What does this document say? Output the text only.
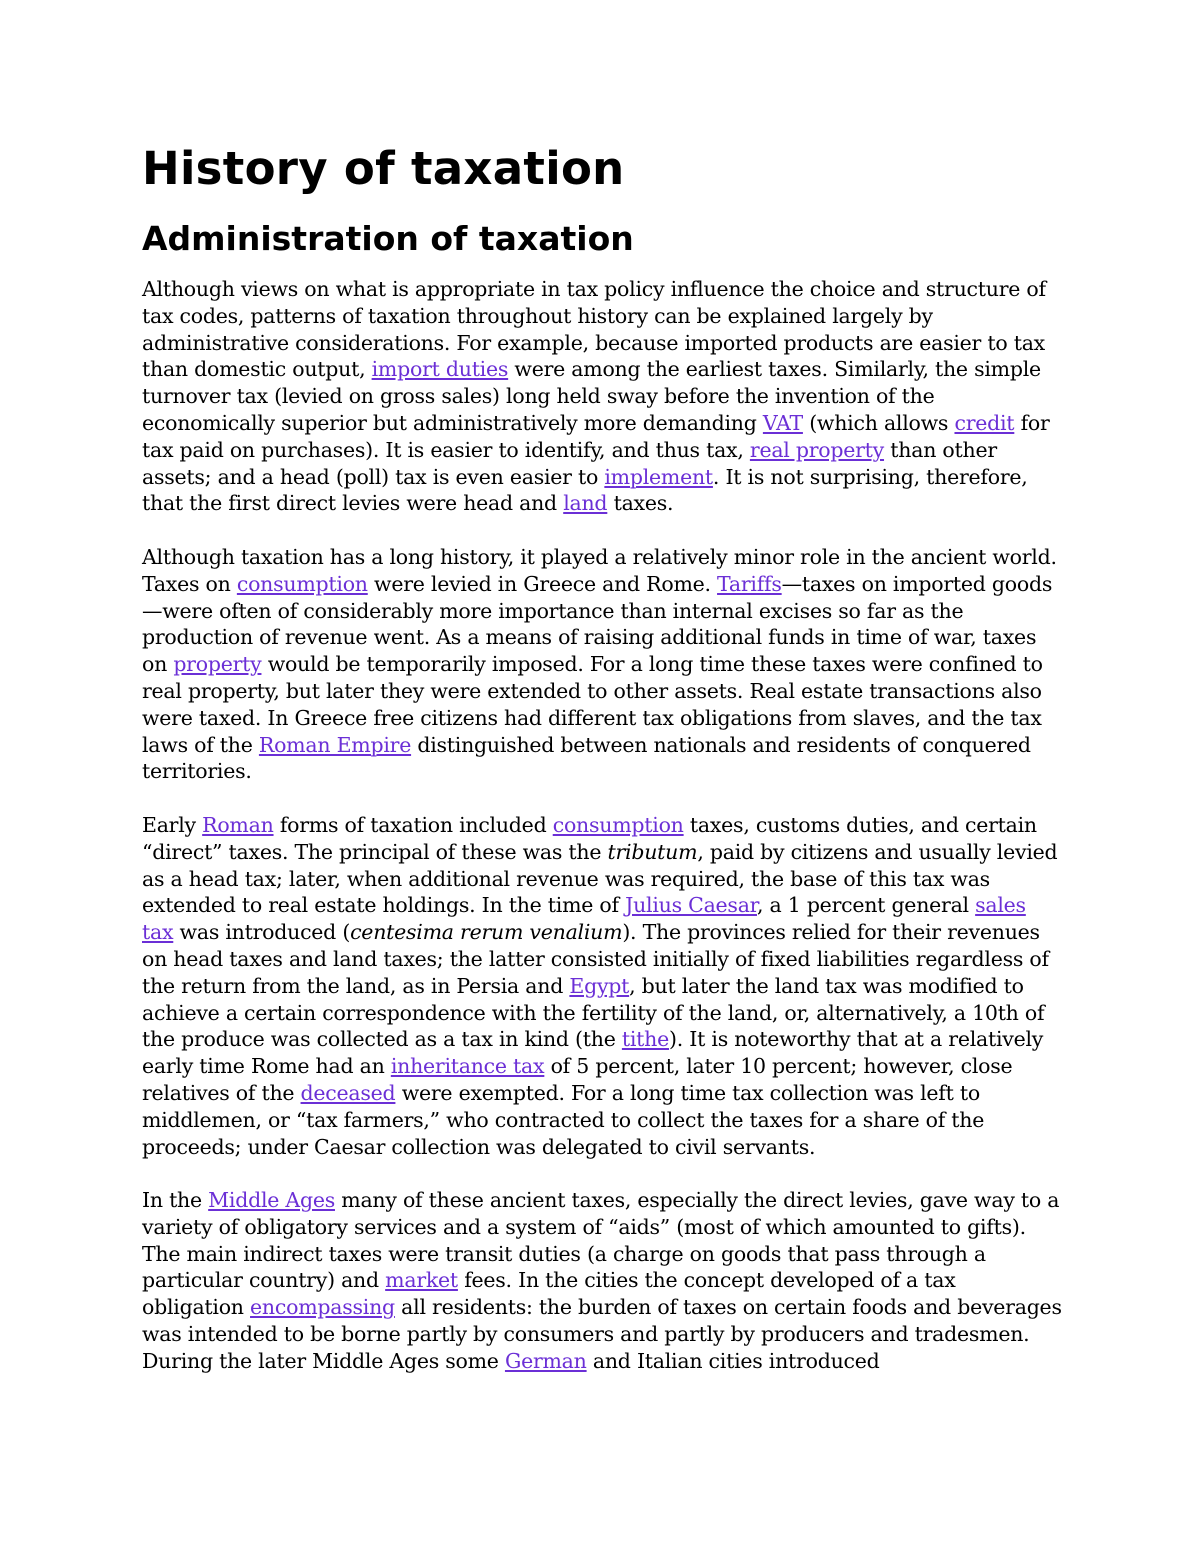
History of taxation
Administration of taxation

Although views on what is appropriate in tax policy influence the choice and structure of tax codes, patterns of taxation throughout history can be explained largely by administrative considerations. For example, because imported products are easier to tax than domestic output, import duties were among the earliest taxes. Similarly, the simple turnover tax (levied on gross sales) long held sway before the invention of the economically superior but administratively more demanding VAT (which allows credit for tax paid on purchases). It is easier to identify, and thus tax, real property than other assets; and a head (poll) tax is even easier to implement. It is not surprising, therefore, that the first direct levies were head and land taxes.

Although taxation has a long history, it played a relatively minor role in the ancient world. Taxes on consumption were levied in Greece and Rome. Tariffs—taxes on imported goods—were often of considerably more importance than internal excises so far as the production of revenue went. As a means of raising additional funds in time of war, taxes on property would be temporarily imposed. For a long time these taxes were confined to real property, but later they were extended to other assets. Real estate transactions also were taxed. In Greece free citizens had different tax obligations from slaves, and the tax laws of the Roman Empire distinguished between nationals and residents of conquered territories.

Early Roman forms of taxation included consumption taxes, customs duties, and certain “direct” taxes. The principal of these was the tributum, paid by citizens and usually levied as a head tax; later, when additional revenue was required, the base of this tax was extended to real estate holdings. In the time of Julius Caesar, a 1 percent general sales tax was introduced (centesima rerum venalium). The provinces relied for their revenues on head taxes and land taxes; the latter consisted initially of fixed liabilities regardless of the return from the land, as in Persia and Egypt, but later the land tax was modified to achieve a certain correspondence with the fertility of the land, or, alternatively, a 10th of the produce was collected as a tax in kind (the tithe). It is noteworthy that at a relatively early time Rome had an inheritance tax of 5 percent, later 10 percent; however, close relatives of the deceased were exempted. For a long time tax collection was left to middlemen, or “tax farmers,” who contracted to collect the taxes for a share of the proceeds; under Caesar collection was delegated to civil servants.

In the Middle Ages many of these ancient taxes, especially the direct levies, gave way to a variety of obligatory services and a system of “aids” (most of which amounted to gifts). The main indirect taxes were transit duties (a charge on goods that pass through a particular country) and market fees. In the cities the concept developed of a tax obligation encompassing all residents: the burden of taxes on certain foods and beverages was intended to be borne partly by consumers and partly by producers and tradesmen. During the later Middle Ages some German and Italian cities introduced
